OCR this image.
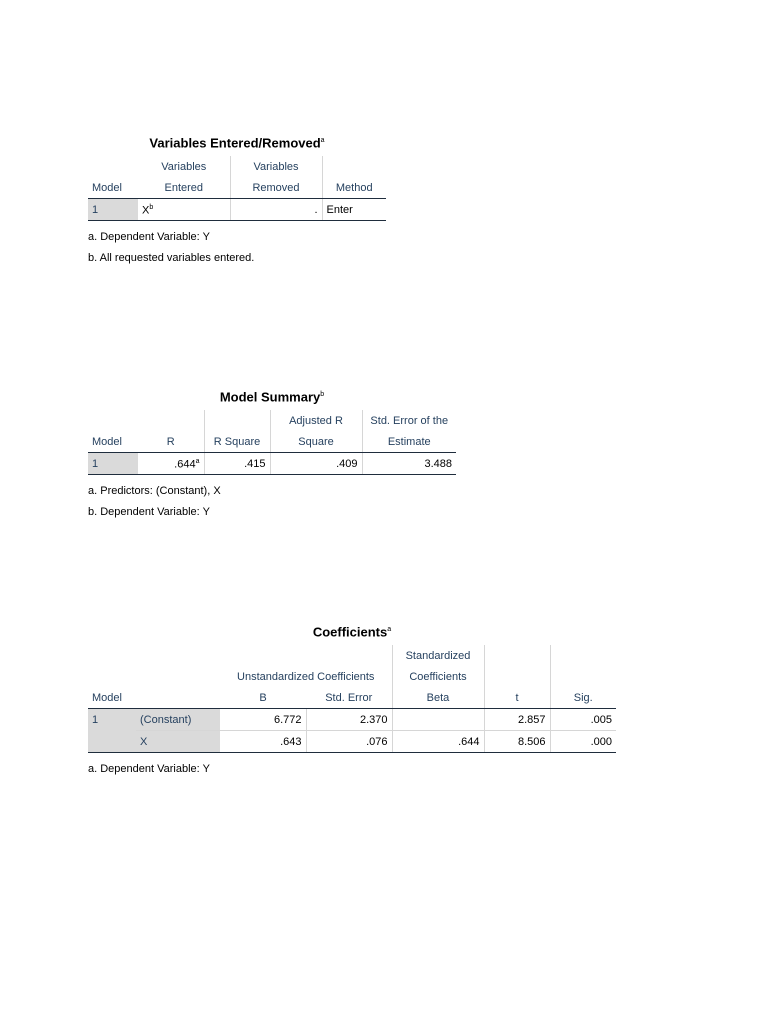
Variables Entered/Removed$^a$
	Variables	Variables	
Model	Entered	Removed	Method
1	$X^b$	.	Enter
a. Dependent Variable: Y
b. All requested variables entered.
Model Summary$^b$
			Adjusted R	Std. Error of the
Model	R	R Square	Square	Estimate
1	.644$^a$	.415	.409	3.488
a. Predictors: (Constant), X
b. Dependent Variable: Y
Coefficients$^a$
				Standardized		
		Unstandardized Coefficients		Coefficients		
Model		B	Std. Error	Beta	t	Sig.
1	(Constant)	6.772	2.370		2.857	.005
	X	.643	.076	.644	8.506	.000
a. Dependent Variable: Y
